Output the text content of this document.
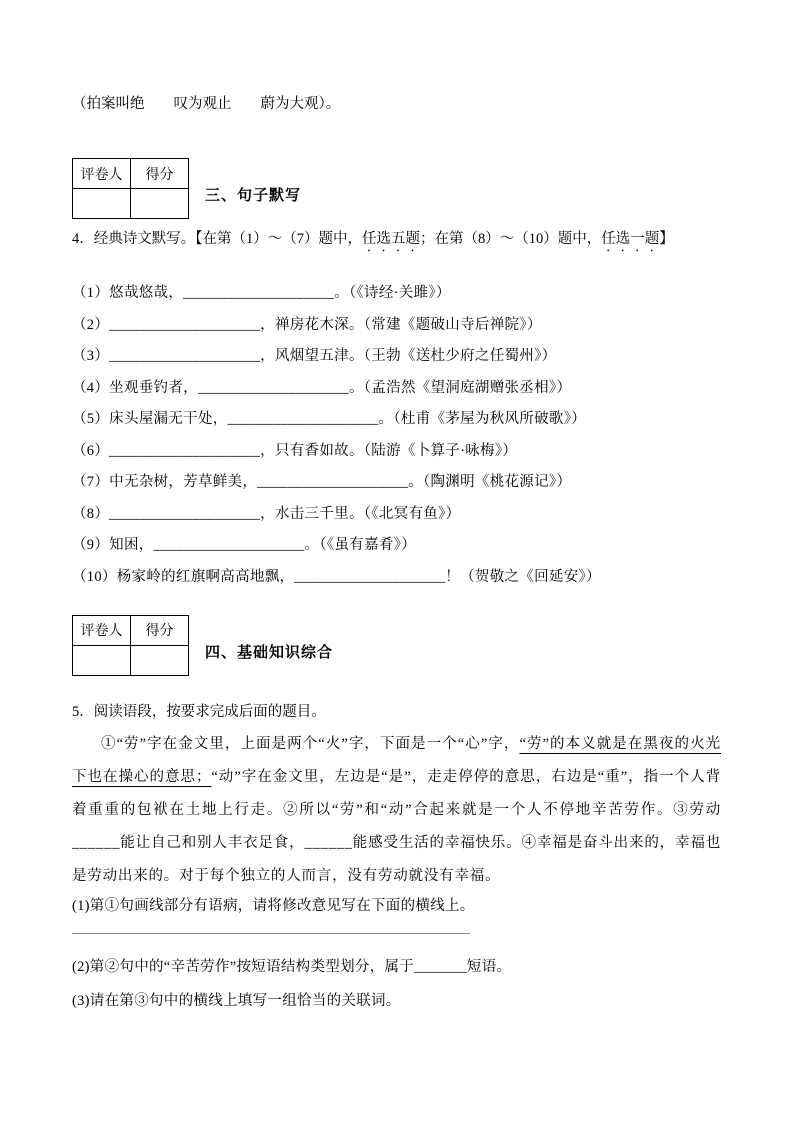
（拍案叫绝　　叹为观止　　蔚为大观）。
评卷人	得分

三、句子默写
4．经典诗文默写。【在第（1）～（7）题中，任选五题；在第（8）～（10）题中，任选一题】
（1）悠哉悠哉，____________________。（《诗经·关雎》）
（2）____________________，禅房花木深。（常建《题破山寺后禅院》）
（3）____________________，风烟望五津。（王勃《送杜少府之任蜀州》）
（4）坐观垂钓者，____________________。（孟浩然《望洞庭湖赠张丞相》）
（5）床头屋漏无干处，____________________。（杜甫《茅屋为秋风所破歌》）
（6）____________________，只有香如故。（陆游《卜算子·咏梅》）
（7）中无杂树，芳草鲜美，____________________。（陶渊明《桃花源记》）
（8）____________________，水击三千里。（《北冥有鱼》）
（9）知困，____________________。（《虽有嘉肴》）
（10）杨家岭的红旗啊高高地飘，____________________！（贺敬之《回延安》）
评卷人	得分

四、基础知识综合
5．阅读语段，按要求完成后面的题目。
①“劳”字在金文里，上面是两个“火”字，下面是一个“心”字，“劳”的本义就是在黑夜的火光下也在操心的意思；“动”字在金文里，左边是“是”，走走停停的意思，右边是“重”，指一个人背着重重的包袱在土地上行走。②所以“劳”和“动”合起来就是一个人不停地辛苦劳作。③劳动______能让自己和别人丰衣足食，______能感受生活的幸福快乐。④幸福是奋斗出来的，幸福也是劳动出来的。对于每个独立的人而言，没有劳动就没有幸福。
(1)第①句画线部分有语病，请将修改意见写在下面的横线上。
(2)第②句中的“辛苦劳作”按短语结构类型划分，属于_______短语。
(3)请在第③句中的横线上填写一组恰当的关联词。
